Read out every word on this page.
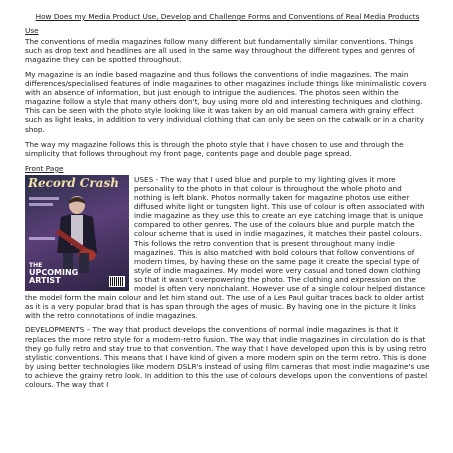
How Does my Media Product Use, Develop and Challenge Forms and Conventions of Real Media Products
Use

The conventions of media magazines follow many different but fundamentally similar conventions. Things such as drop text and headlines are all used in the same way throughout the different types and genres of magazine they can be spotted throughout.

My magazine is an indie based magazine and thus follows the conventions of indie magazines. The main differences/specialised features of indie magazines to other magazines include things like minimalistic covers with an absence of information, but just enough to intrigue the audiences. The photos seen within the magazine follow a style that many others don't, buy using more old and interesting techniques and clothing. This can be seen with the photo style looking like it was taken by an old manual camera with grainy effect such as light leaks, in addition to very individual clothing that can only be seen on the catwalk or in a charity shop.

The way my magazine follows this is through the photo style that I have chosen to use and through the simplicity that follows throughout my front page, contents page and double page spread.

Front Page
Record Crash
THE
UPCOMING
ARTIST

USES - The way that I used blue and purple to my lighting gives it more personality to the photo in that colour is throughout the whole photo and nothing is left blank. Photos normally taken for magazine photos use either diffused white light or tungsten light. This use of colour is often associated with indie magazine as they use this to create an eye catching image that is unique compared to other genres. The use of the colours blue and purple match the colour scheme that is used in indie magazines, it matches their pastel colours. This follows the retro convention that is present throughout many indie magazines. This is also matched with bold colours that follow conventions of modern times, by having these on the same page it create the special type of style of indie magazines. My model wore very casual and toned down clothing so that it wasn't overpowering the photo. The clothing and expression on the model is often very nonchalant. However use of a single colour helped distance the model form the main colour and let him stand out. The use of a Les Paul guitar traces back to older artist as it is a very popular brad that is has span through the ages of music. By having one in the picture it links with the retro connotations of indie magazines.

DEVELOPMENTS – The way that product develops the conventions of normal indie magazines is that it replaces the more retro style for a modern-retro fusion. The way that indie magazines in circulation do is that they go fully retro and stay true to that convention. The way that I have developed upon this is by using retro stylistic conventions. This means that I have kind of given a more modern spin on the term retro. This is done by using better technologies like modern DSLR's instead of using film cameras that most indie magazine's use to achieve the grainy retro look. In addition to this the use of colours develops upon the conventions of pastel colours. The way that I
